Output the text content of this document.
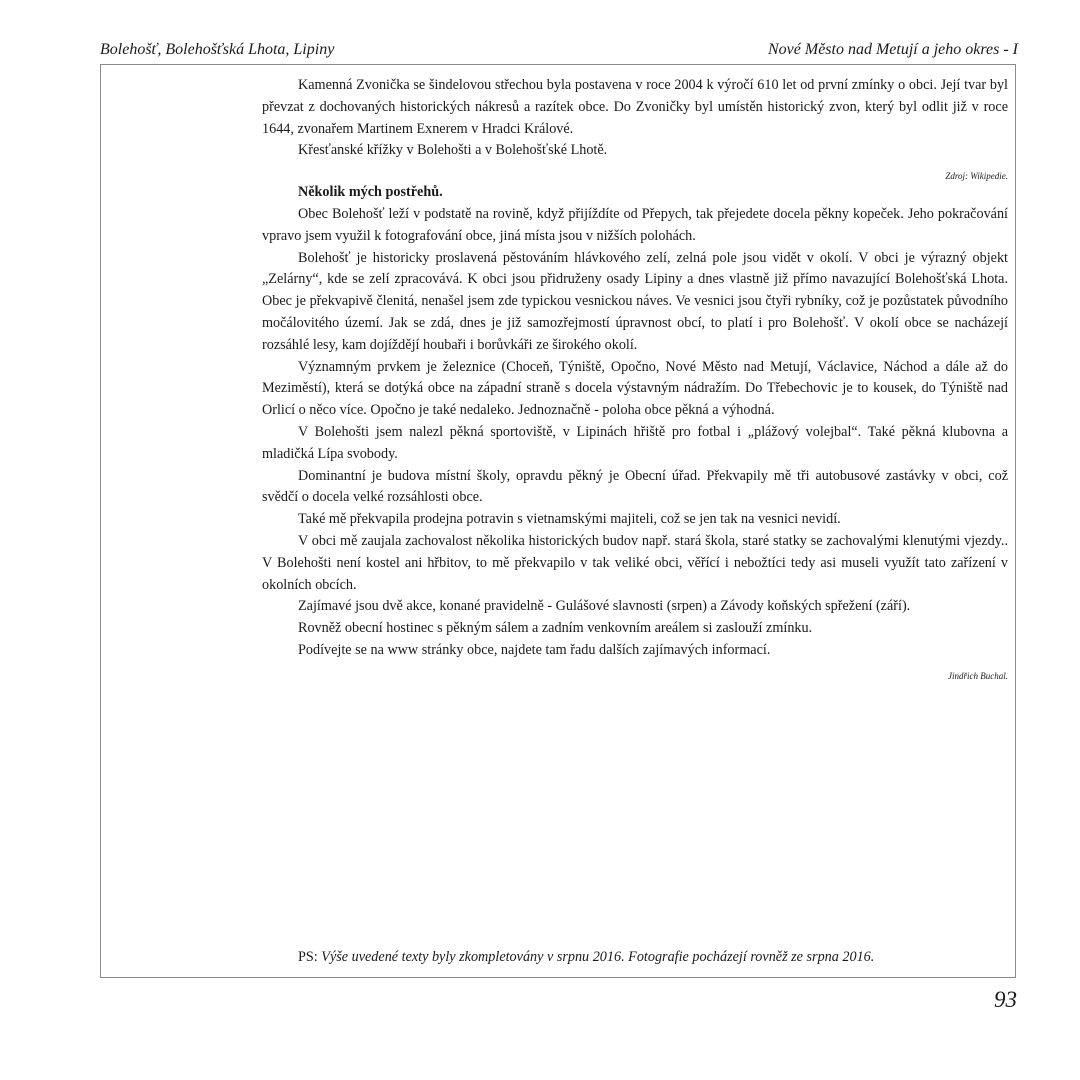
Bolehošť, Bolehošťská Lhota, Lipiny	Nové Město nad Metují a jeho okres - I

Kamenná Zvonička se šindelovou střechou byla postavena v roce 2004 k výročí 610 let od první zmínky o obci. Její tvar byl převzat z dochovaných historických nákresů a razítek obce. Do Zvoničky byl umístěn historický zvon, který byl odlit již v roce 1644, zvonařem Martinem Exnerem v Hradci Králové.

Křesťanské křížky v Bolehošti a v Bolehošťské Lhotě.

Zdroj: Wikipedie.

Několik mých postřehů.

Obec Bolehošť leží v podstatě na rovině, když přijíždíte od Přepych, tak přejedete docela pěkny kopeček. Jeho pokračování vpravo jsem využil k fotografování obce, jiná místa jsou v nižších polohách.

Bolehošť je historicky proslavená pěstováním hlávkového zelí, zelná pole jsou vidět v okolí. V obci je výrazný objekt „Zelárny“, kde se zelí zpracovává. K obci jsou přidruženy osady Lipiny a dnes vlastně již přímo navazující Bolehošťská Lhota. Obec je překvapivě členitá, nenašel jsem zde typickou vesnickou náves. Ve vesnici jsou čtyři rybníky, což je pozůstatek původního močálovitého území. Jak se zdá, dnes je již samozřejmostí úpravnost obcí, to platí i pro Bolehošť. V okolí obce se nacházejí rozsáhlé lesy, kam dojíždějí houbaři i borůvkáři ze širokého okolí.

Významným prvkem je železnice (Choceň, Týniště, Opočno, Nové Město nad Metují, Václavice, Náchod a dále až do Meziměstí), která se dotýká obce na západní straně s docela výstavným nádražím. Do Třebechovic je to kousek, do Týniště nad Orlicí o něco více. Opočno je také nedaleko. Jednoznačně - poloha obce pěkná a výhodná.

V Bolehošti jsem nalezl pěkná sportoviště, v Lipinách hřiště pro fotbal i „plážový volejbal“. Také pěkná klubovna a mladičká Lípa svobody.

Dominantní je budova místní školy, opravdu pěkný je Obecní úřad. Překvapily mě tři autobusové zastávky v obci, což svědčí o docela velké rozsáhlosti obce.

Také mě překvapila prodejna potravin s vietnamskými majiteli, což se jen tak na vesnici nevidí.

V obci mě zaujala zachovalost několika historických budov např. stará škola, staré statky se zachovalými klenutými vjezdy.. V Bolehošti není kostel ani hřbitov, to mě překvapilo v tak veliké obci, věřící i nebožtíci tedy asi museli využít tato zařízení v okolních obcích.

Zajímavé jsou dvě akce, konané pravidelně - Gulášové slavnosti (srpen) a Závody koňských spřežení (září).

Rovněž obecní hostinec s pěkným sálem a zadním venkovním areálem si zaslouží zmínku.

Podívejte se na www stránky obce, najdete tam řadu dalších zajímavých informací.

Jindřich Buchal.
PS: Výše uvedené texty byly zkompletovány v srpnu 2016. Fotografie pocházejí rovněž ze srpna 2016.
93
